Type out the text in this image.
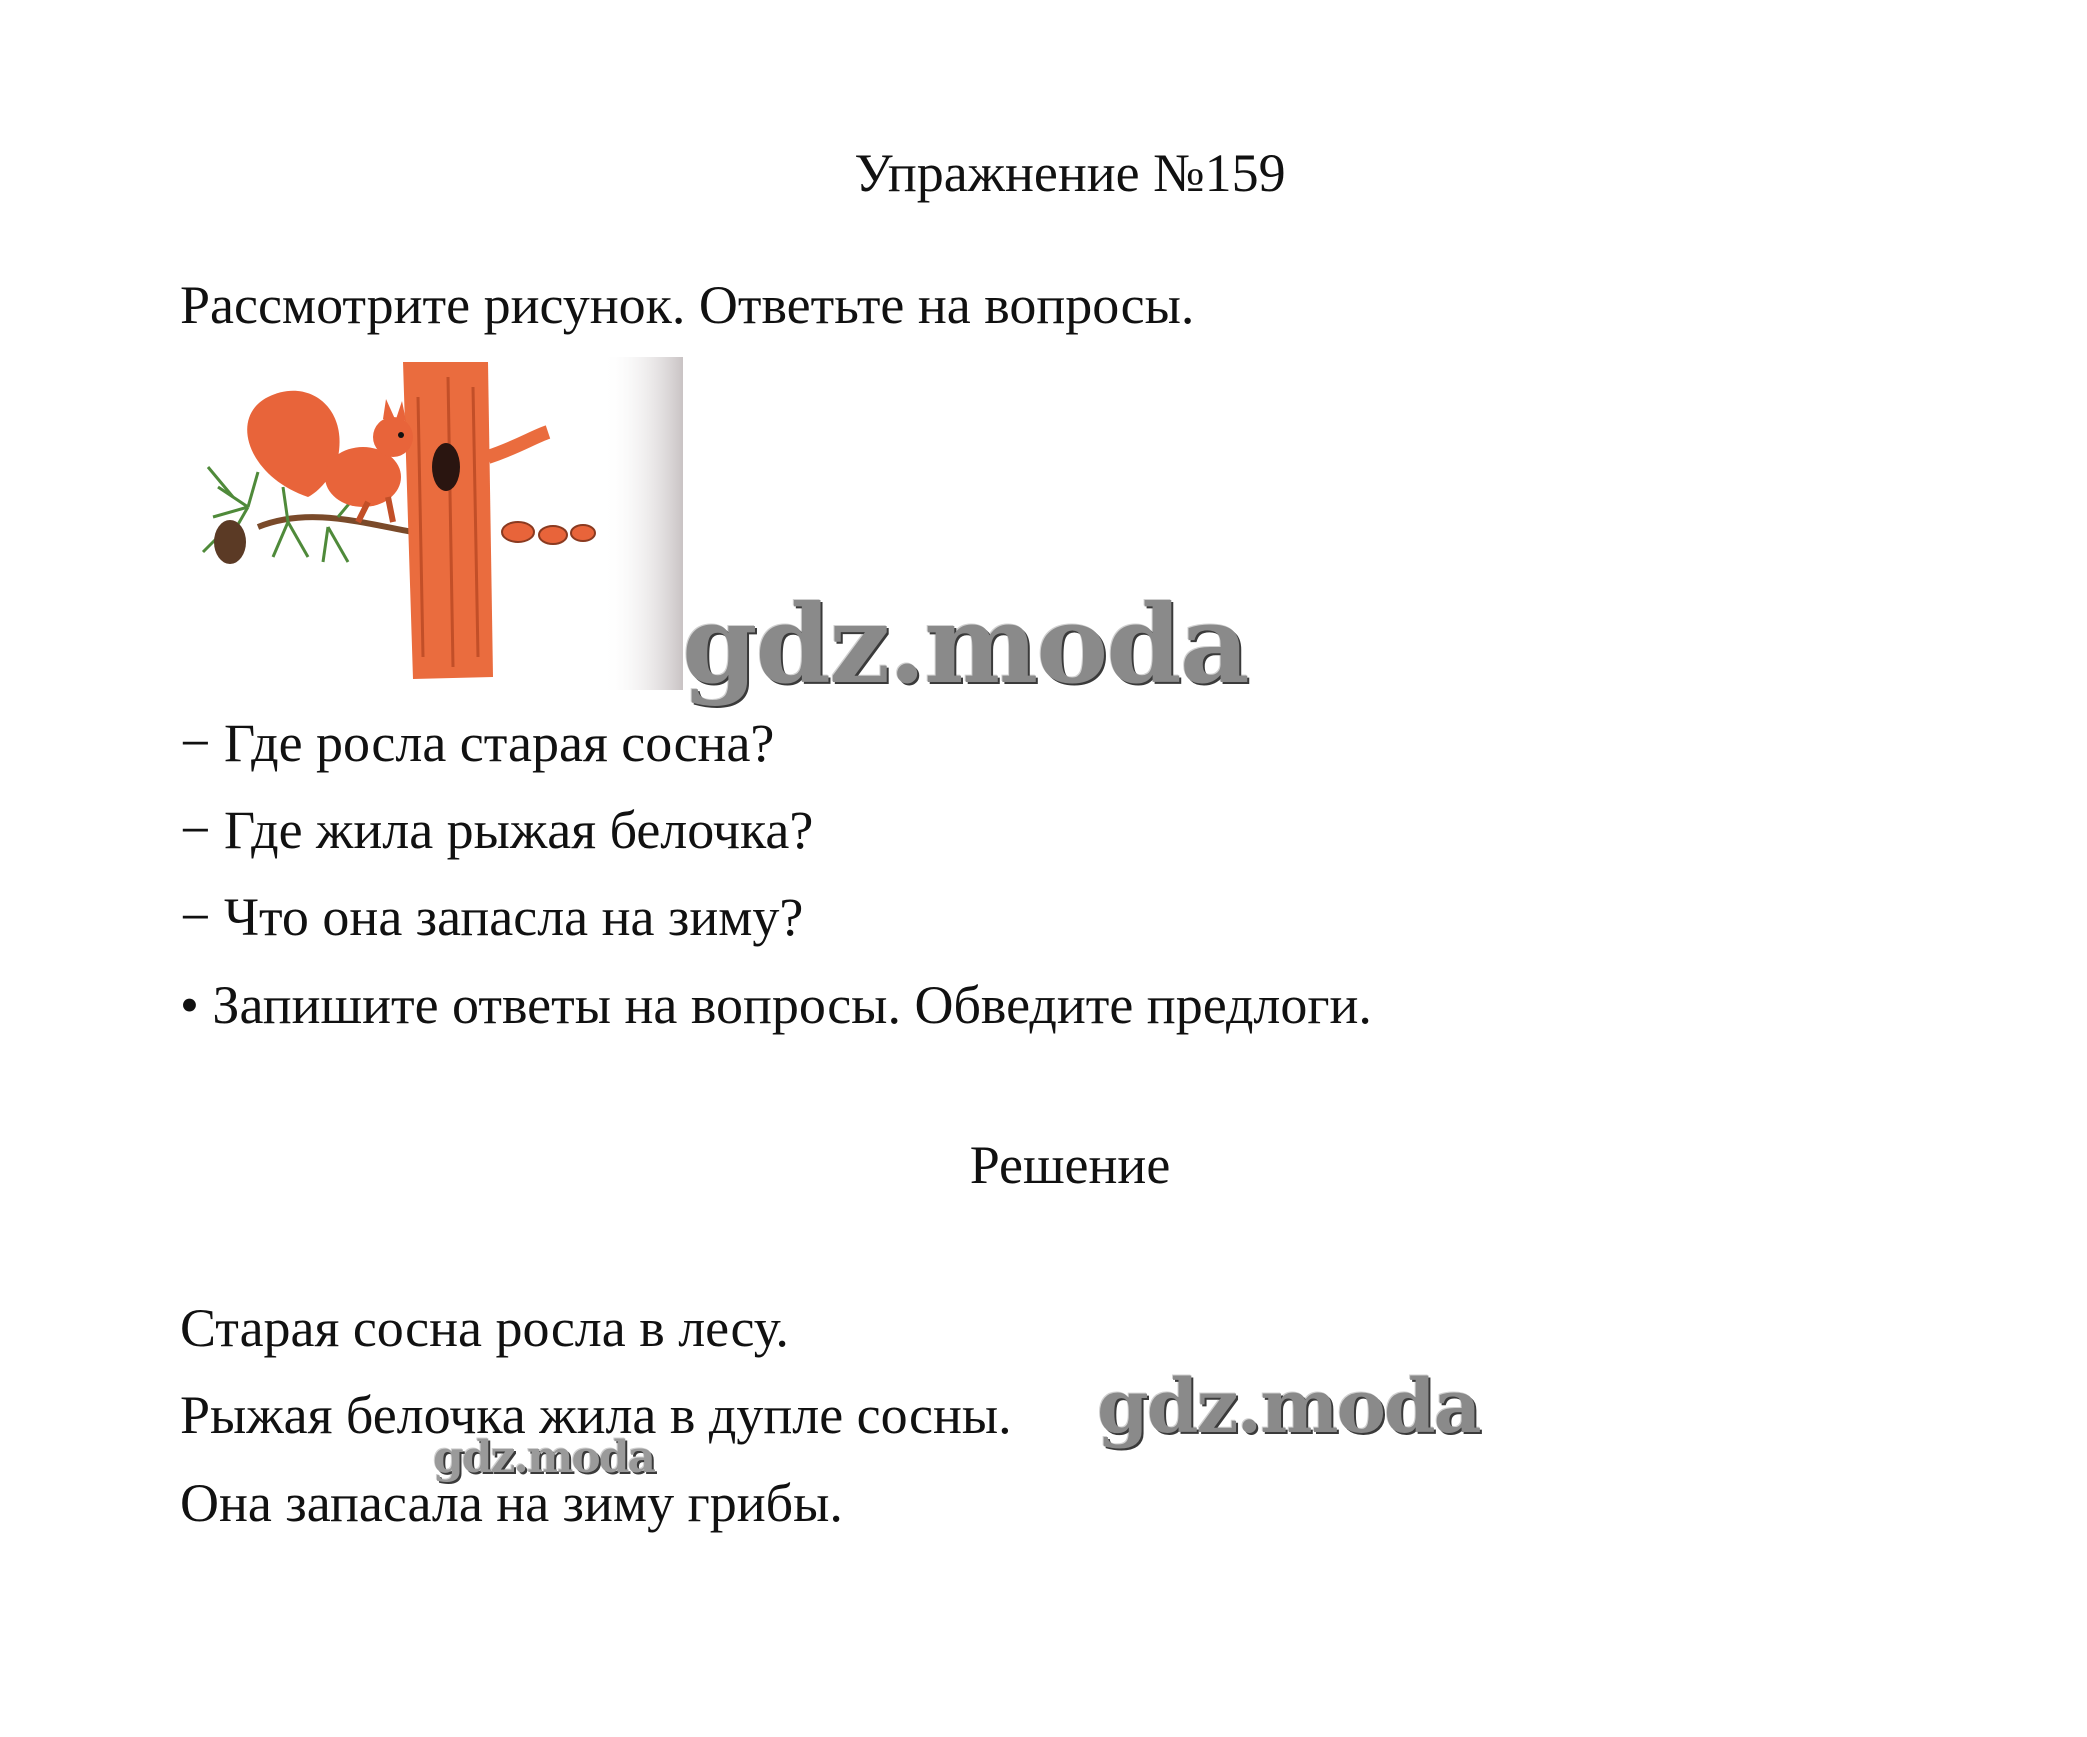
Упражнение №159
Рассмотрите рисунок. Ответьте на вопросы.
gdz.moda
− Где росла старая сосна?
− Где жила рыжая белочка?
− Что она запасла на зиму?
• Запишите ответы на вопросы. Обведите предлоги.
Решение
Старая сосна росла в лесу.
Рыжая белочка жила в дупле сосны.
Она запасала на зиму грибы.
gdz.moda
gdz.moda
